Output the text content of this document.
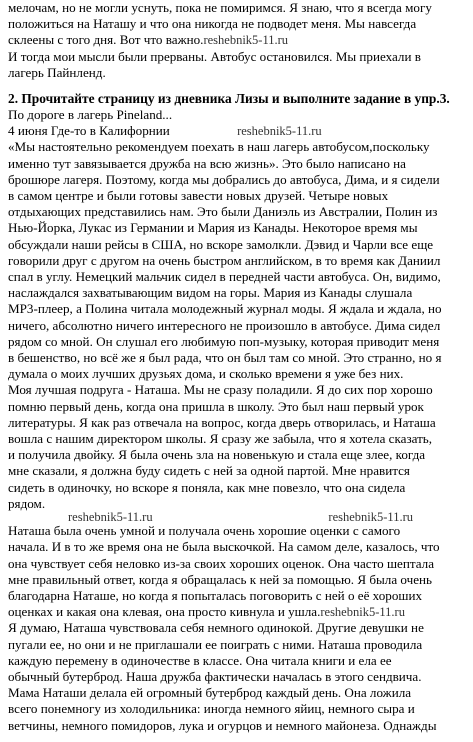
мелочам, но не могли уснуть, пока не помиримся. Я знаю, что я всегда могу
положиться на Наташу и что она никогда не подводет меня. Мы навсегда
склеены с того дня. Вот что важно.reshebnik5-11.ru
И тогда мои мысли были прерваны. Автобус остановился. Мы приехали в
лагерь Пайнленд.
2. Прочитайте страницу из дневника Лизы и выполните задание в упр.3.
По дороге в лагерь Pineland...
4 июня Где-то в Калифорнии	reshebnik5-11.ru
«Мы настоятельно рекомендуем поехать в наш лагерь автобусом,поскольку
именно тут завязывается дружба на всю жизнь». Это было написано на
брошюре лагеря. Поэтому, когда мы добрались до автобуса, Дима, и я сидели
в самом центре и были готовы завести новых друзей. Четыре новых
отдыхающих представились нам. Это были Даниэль из Австралии, Полин из
Нью-Йорка, Лукас из Германии и Мария из Канады. Некоторое время мы
обсуждали наши рейсы в США, но вскоре замолкли. Дэвид и Чарли все еще
говорили друг с другом на очень быстром английском, в то время как Даниил
спал в углу. Немецкий мальчик сидел в передней части автобуса. Он, видимо,
наслаждался захватывающим видом на горы. Мария из Канады слушала
MP3-плеер, а Полина читала молодежный журнал моды. Я ждала и ждала, но
ничего, абсолютно ничего интересного не произошло в автобусе. Дима сидел
рядом со мной. Он слушал его любимую поп-музыку, которая приводит меня
в бешенство, но всё же я был рада, что он был там со мной. Это странно, но я
думала о моих лучших друзьях дома, и сколько времени я уже без них.
Моя лучшая подруга - Наташа. Мы не сразу поладили. Я до сих пор хорошо
помню первый день, когда она пришла в школу. Это был наш первый урок
литературы. Я как раз отвечала на вопрос, когда дверь отворилась, и Наташа
вошла с нашим директором школы. Я сразу же забыла, что я хотела сказать,
и получила двойку. Я была очень зла на новенькую и стала еще злее, когда
мне сказали, я должна буду сидеть с ней за одной партой. Мне нравится
сидеть в одиночку, но вскоре я поняла, как мне повезло, что она сидела
рядом.
reshebnik5-11.ru	reshebnik5-11.ru
Наташа была очень умной и получала очень хорошие оценки с самого
начала. И в то же время она не была выскочкой. На самом деле, казалось, что
она чувствует себя неловко из-за своих хороших оценок. Она часто шептала
мне правильный ответ, когда я обращалась к ней за помощью. Я была очень
благодарна Наташе, но когда я попыталась поговорить с ней о её хороших
оценках и какая она клевая, она просто кивнула и ушла.reshebnik5-11.ru
Я думаю, Наташа чувствовала себя немного одинокой. Другие девушки не
пугали ее, но они и не приглашали ее поиграть с ними. Наташа проводила
каждую перемену в одиночестве в классе. Она читала книги и ела ее
обычный бутерброд. Наша дружба фактически началась в этого сендвича.
Мама Наташи делала ей огромный бутерброд каждый день. Она ложила
всего понемногу из холодильника: иногда немного яйиц, немного сыра и
ветчины, немного помидоров, лука и огурцов и немного майонеза. Однажды
